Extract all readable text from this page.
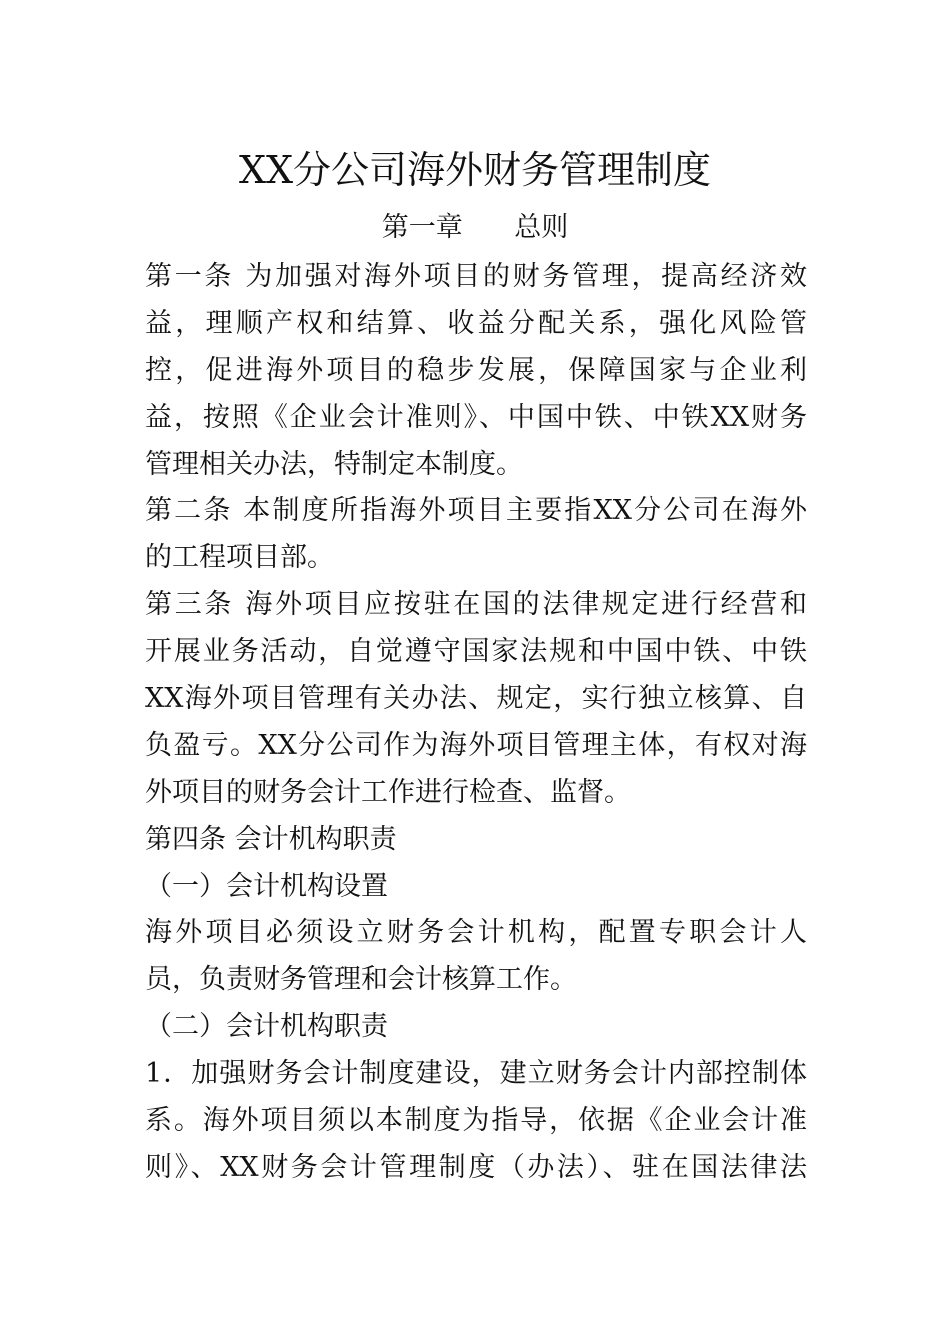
XX分公司海外财务管理制度
第一章      总则
第一条 为加强对海外项目的财务管理，提高经济效
益，理顺产权和结算、收益分配关系，强化风险管
控，促进海外项目的稳步发展，保障国家与企业利
益，按照《企业会计准则》、中国中铁、中铁XX财务
管理相关办法，特制定本制度。
第二条 本制度所指海外项目主要指XX分公司在海外
的工程项目部。
第三条 海外项目应按驻在国的法律规定进行经营和
开展业务活动，自觉遵守国家法规和中国中铁、中铁
XX海外项目管理有关办法、规定，实行独立核算、自
负盈亏。XX分公司作为海外项目管理主体，有权对海
外项目的财务会计工作进行检查、监督。
第四条 会计机构职责
（一）会计机构设置
海外项目必须设立财务会计机构，配置专职会计人
员，负责财务管理和会计核算工作。
（二）会计机构职责
1．加强财务会计制度建设，建立财务会计内部控制体
系。海外项目须以本制度为指导，依据《企业会计准
则》、XX财务会计管理制度（办法）、驻在国法律法
